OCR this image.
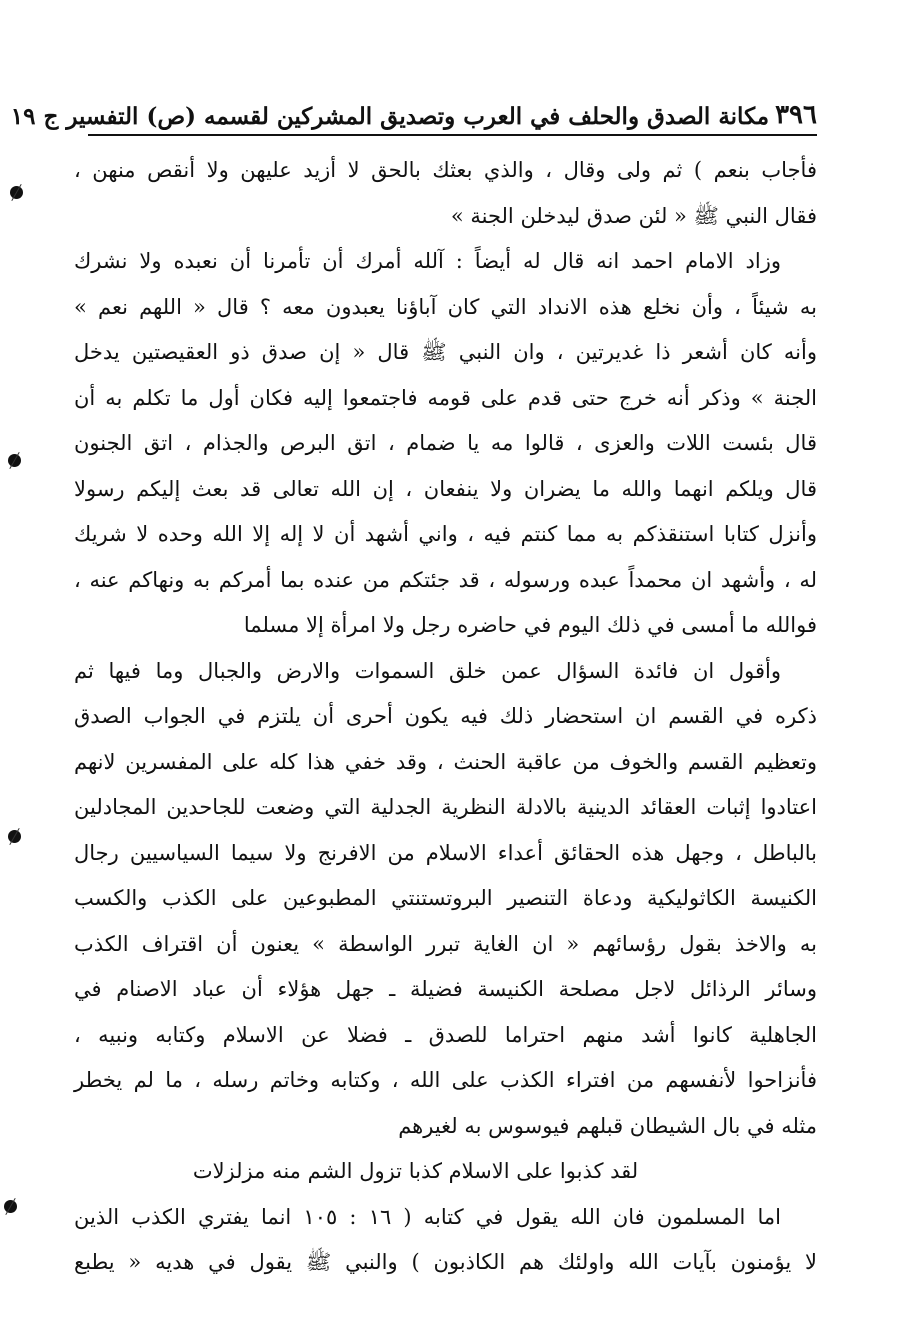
٣٩٦
مكانة الصدق والحلف في العرب وتصديق المشركين لقسمه (ص) التفسير ج ١٩
فأجاب بنعم ) ثم ولى وقال ، والذي بعثك بالحق لا أزيد عليهن ولا أنقص منهن ،
فقال النبي ﷺ « لئن صدق ليدخلن الجنة »
وزاد الامام احمد انه قال له أيضاً : آلله أمرك أن تأمرنا أن نعبده ولا نشرك
به شيئاً ، وأن نخلع هذه الانداد التي كان آباؤنا يعبدون معه ؟ قال « اللهم نعم »
وأنه كان أشعر ذا غديرتين ، وان النبي ﷺ قال « إن صدق ذو العقيصتين يدخل
الجنة » وذكر أنه خرج حتى قدم على قومه فاجتمعوا إليه فكان أول ما تكلم به أن
قال بئست اللات والعزى ، قالوا مه يا ضمام ، اتق البرص والجذام ، اتق الجنون
قال ويلكم انهما والله ما يضران ولا ينفعان ، إن الله تعالى قد بعث إليكم رسولا
وأنزل كتابا استنقذكم به مما كنتم فيه ، واني أشهد أن لا إله إلا الله وحده لا شريك
له ، وأشهد ان محمداً عبده ورسوله ، قد جئتكم من عنده بما أمركم به ونهاكم عنه ،
فوالله ما أمسى في ذلك اليوم في حاضره رجل ولا امرأة إلا مسلما
وأقول ان فائدة السؤال عمن خلق السموات والارض والجبال وما فيها ثم
ذكره في القسم ان استحضار ذلك فيه يكون أحرى أن يلتزم في الجواب الصدق
وتعظيم القسم والخوف من عاقبة الحنث ، وقد خفي هذا كله على المفسرين لانهم
اعتادوا إثبات العقائد الدينية بالادلة النظرية الجدلية التي وضعت للجاحدين المجادلين
بالباطل ، وجهل هذه الحقائق أعداء الاسلام من الافرنج ولا سيما السياسيين رجال
الكنيسة الكاثوليكية ودعاة التنصير البروتستنتي المطبوعين على الكذب والكسب
به والاخذ بقول رؤسائهم « ان الغاية تبرر الواسطة » يعنون أن اقتراف الكذب
وسائر الرذائل لاجل مصلحة الكنيسة فضيلة ـ جهل هؤلاء أن عباد الاصنام في
الجاهلية كانوا أشد منهم احتراما للصدق ـ فضلا عن الاسلام وكتابه ونبيه ،
فأنزاحوا لأنفسهم من افتراء الكذب على الله ، وكتابه وخاتم رسله ، ما لم يخطر
مثله في بال الشيطان قبلهم فيوسوس به لغيرهم
لقد كذبوا على الاسلام كذبا تزول الشم منه مزلزلات
اما المسلمون فان الله يقول في كتابه ( ١٦ : ١٠٥ انما يفتري الكذب الذين
لا يؤمنون بآيات الله واولئك هم الكاذبون ) والنبي ﷺ يقول في هديه « يطبع
